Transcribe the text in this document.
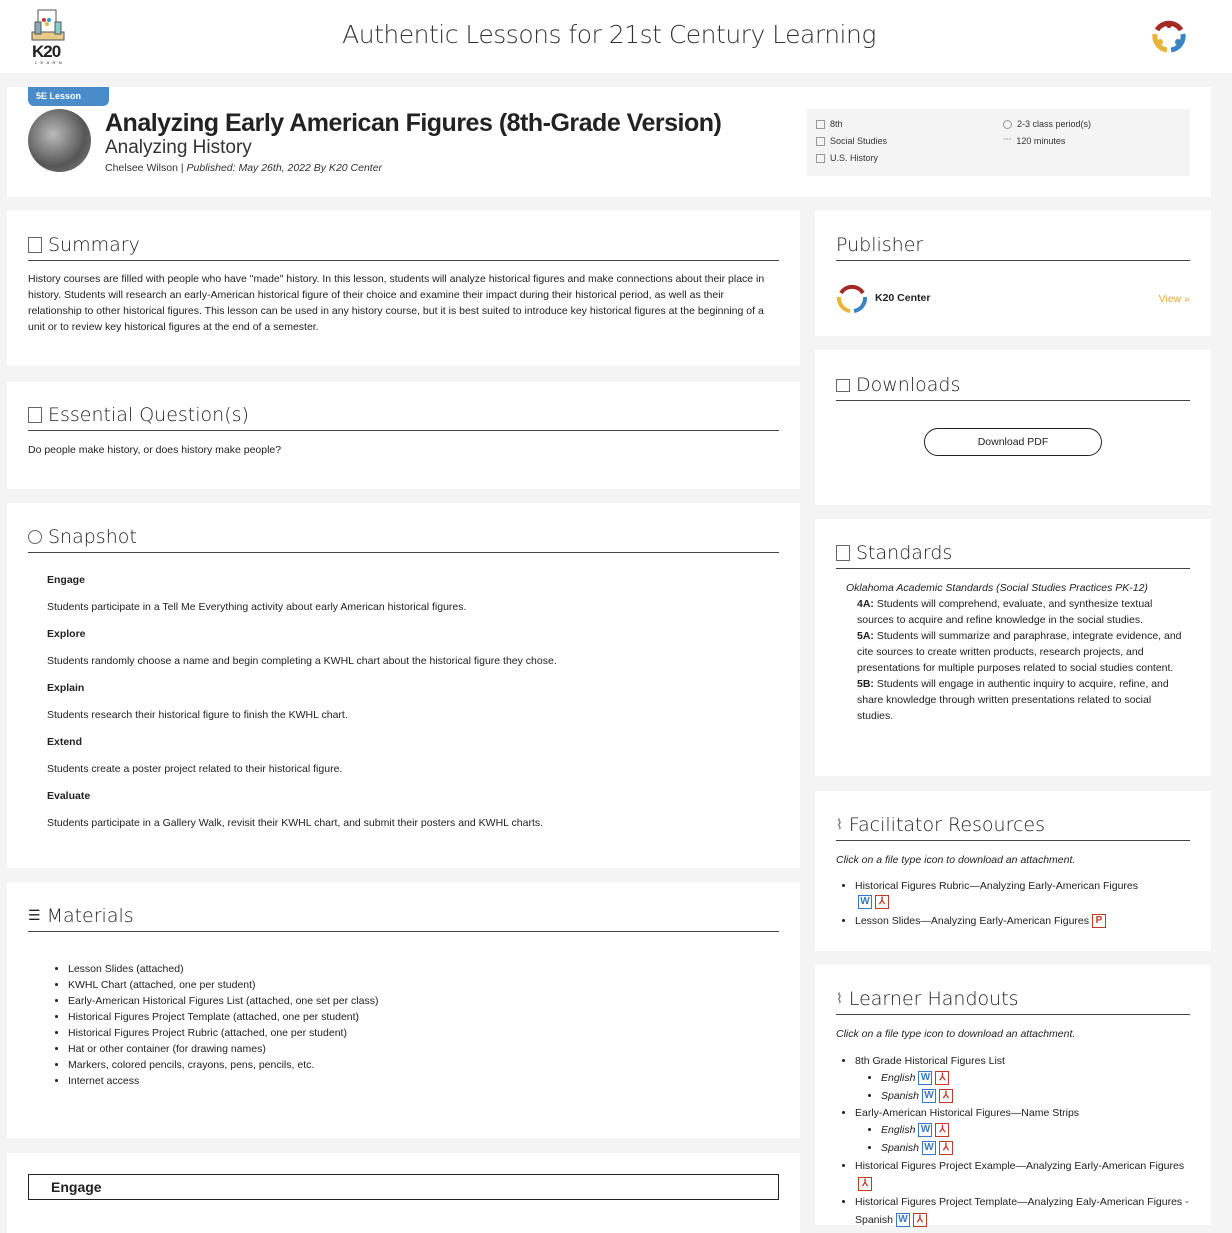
K20
L·E·A·R·N
Authentic Lessons for 21st Century Learning
5E Lesson
Analyzing Early American Figures (8th-Grade Version)
Analyzing History
Chelsee Wilson | Published: May 26th, 2022 By K20 Center
8th
Social Studies
U.S. History
2-3 class period(s)
°°° 120 minutes
Summary
History courses are filled with people who have "made" history. In this lesson, students will analyze historical figures and make connections about their place in history. Students will research an early-American historical figure of their choice and examine their impact during their historical period, as well as their relationship to other historical figures. This lesson can be used in any history course, but it is best suited to introduce key historical figures at the beginning of a unit or to review key historical figures at the end of a semester.
Essential Question(s)
Do people make history, or does history make people?
Snapshot
Engage

Students participate in a Tell Me Everything activity about early American historical figures.

Explore

Students randomly choose a name and begin completing a KWHL chart about the historical figure they chose.

Explain

Students research their historical figure to finish the KWHL chart.

Extend

Students create a poster project related to their historical figure.

Evaluate

Students participate in a Gallery Walk, revisit their KWHL chart, and submit their posters and KWHL charts.

☰ Materials
• Lesson Slides (attached)
• KWHL Chart (attached, one per student)
• Early-American Historical Figures List (attached, one set per class)
• Historical Figures Project Template (attached, one per student)
• Historical Figures Project Rubric (attached, one per student)
• Hat or other container (for drawing names)
• Markers, colored pencils, crayons, pens, pencils, etc.
• Internet access
Engage
Publisher
K20 Center	View »
Downloads
Download PDF
Standards
Oklahoma Academic Standards (Social Studies Practices PK-12)
4A: Students will comprehend, evaluate, and synthesize textual sources to acquire and refine knowledge in the social studies.
5A: Students will summarize and paraphrase, integrate evidence, and cite sources to create written products, research projects, and presentations for multiple purposes related to social studies content.
5B: Students will engage in authentic inquiry to acquire, refine, and share knowledge through written presentations related to social studies.
⌇ Facilitator Resources
Click on a file type icon to download an attachment.
• Historical Figures Rubric—Analyzing Early-American Figures
W ⅄
• Lesson Slides—Analyzing Early-American Figures P
⌇ Learner Handouts
Click on a file type icon to download an attachment.
• 8th Grade Historical Figures List
• English W ⅄
• Spanish W ⅄
• Early-American Historical Figures—Name Strips
• English W ⅄
• Spanish W ⅄
• Historical Figures Project Example—Analyzing Early-American Figures⅄
• Historical Figures Project Template—Analyzing Ealy-American Figures - Spanish W ⅄
